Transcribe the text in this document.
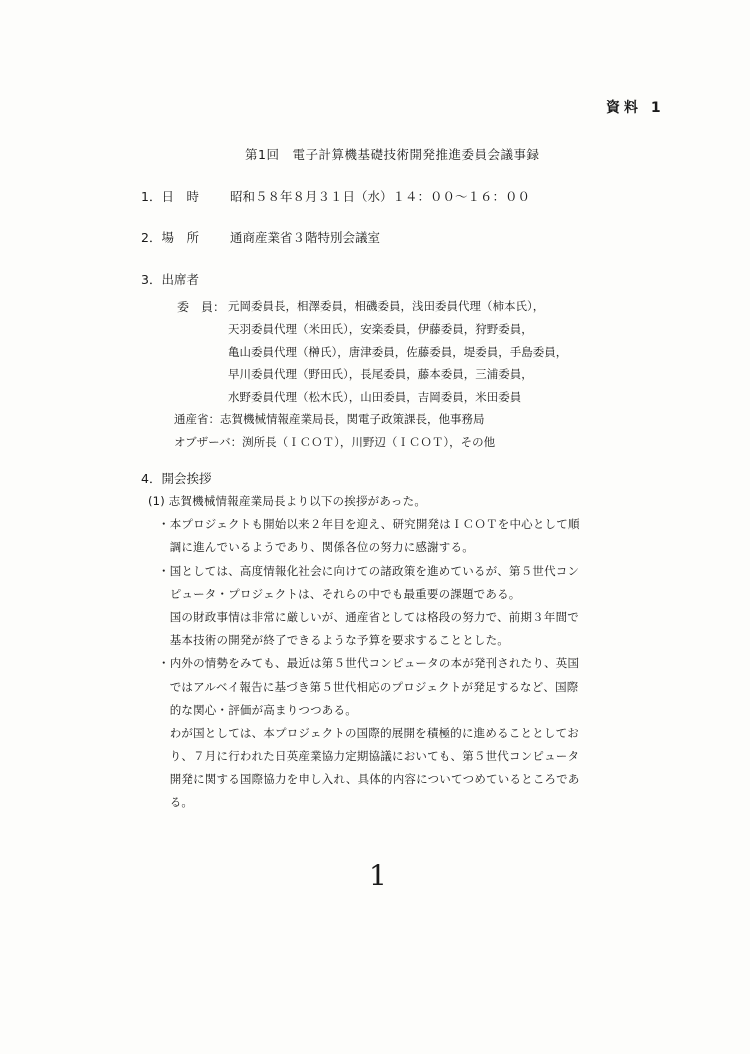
資料 1
第1回　電子計算機基礎技術開発推進委員会議事録
1．日　時 昭和５８年８月３１日（水）１４：００～１６：００
2．場　所 通商産業省３階特別会議室
3．出席者
委　員： 元岡委員長，相澤委員，相磯委員，浅田委員代理（柿本氏），
天羽委員代理（米田氏），安楽委員，伊藤委員，狩野委員，
亀山委員代理（榊氏），唐津委員，佐藤委員，堤委員，手島委員，
早川委員代理（野田氏），長尾委員，藤本委員，三浦委員，
水野委員代理（松木氏），山田委員，吉岡委員，米田委員
通産省：志賀機械情報産業局長，関電子政策課長，他事務局
オブザーバ：渕所長（ＩＣＯＴ），川野辺（ＩＣＯＴ），その他
4．開会挨拶
(1) 志賀機械情報産業局長より以下の挨拶があった。
・本プロジェクトも開始以来２年目を迎え、研究開発はＩＣＯＴを中心として順
　調に進んでいるようであり、関係各位の努力に感謝する。
・国としては、高度情報化社会に向けての諸政策を進めているが、第５世代コン
　ピュータ・プロジェクトは、それらの中でも最重要の課題である。
　国の財政事情は非常に厳しいが、通産省としては格段の努力で、前期３年間で
　基本技術の開発が終了できるような予算を要求することとした。
・内外の情勢をみても、最近は第５世代コンピュータの本が発刊されたり、英国
　ではアルベイ報告に基づき第５世代相応のプロジェクトが発足するなど、国際
　的な関心・評価が高まりつつある。
　わが国としては、本プロジェクトの国際的展開を積極的に進めることとしてお
　り、７月に行われた日英産業協力定期協議においても、第５世代コンピュータ
　開発に関する国際協力を申し入れ、具体的内容についてつめているところであ
　る。
1
